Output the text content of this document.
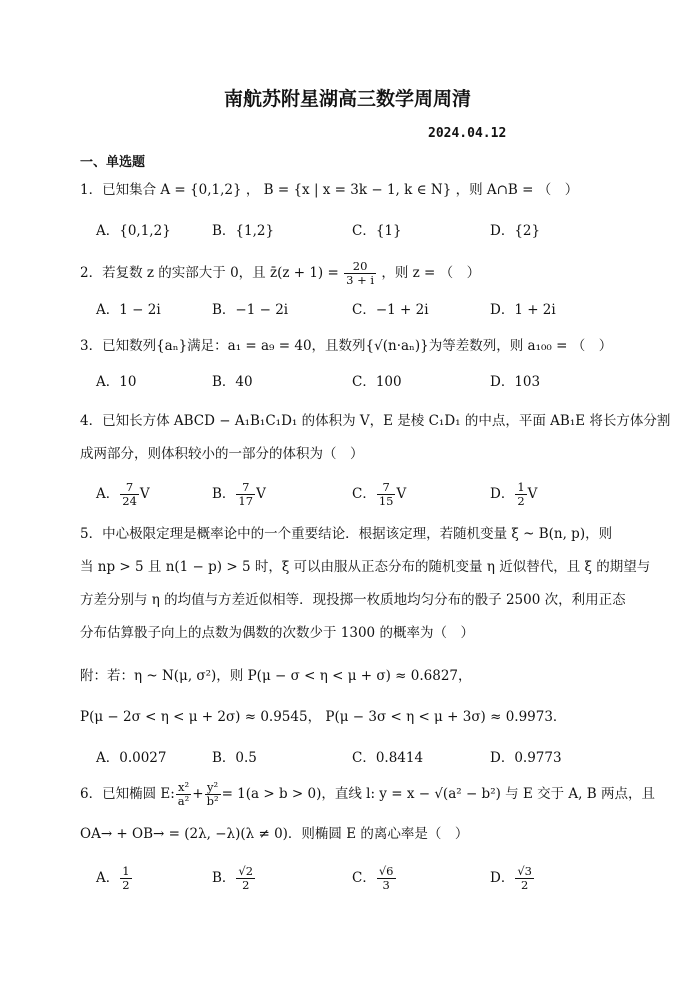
南航苏附星湖高三数学周周清
2024.04.12
一、单选题
1．已知集合 A = {0,1,2} ， B = {x | x = 3k − 1, k ∈ N} ，则 A∩B = （　）
A．{0,1,2}	B．{1,2}	C．{1}	D．{2}
2．若复数 z 的实部大于 0，且 z̄(z + $1) = \frac{20}{3 + i}$ ，则 z = （　）
A．1 − 2i	B．−1 − 2i	C．−1 + 2i	D．1 + 2i
3．已知数列{aₙ}满足：a₁ = a₉ = 40，且数列{√(n·aₙ)}为等差数列，则 a₁₀₀ = （　）
A．10	B．40	C．100	D．103
4．已知长方体 ABCD − A₁B₁C₁D₁ 的体积为 V，E 是棱 C₁D₁ 的中点，平面 AB₁E 将长方体分割
成两部分，则体积较小的一部分的体积为（　）
A． $\frac{7}{24}$ V	B． $\frac{7}{17}$ V	C． $\frac{7}{15}$ V	D． $\frac{1}{2}$ V
5．中心极限定理是概率论中的一个重要结论．根据该定理，若随机变量 ξ ~ B(n, p)，则
当 np > 5 且 n(1 − p) > 5 时，ξ 可以由服从正态分布的随机变量 η 近似替代，且 ξ 的期望与
方差分别与 η 的均值与方差近似相等．现投掷一枚质地均匀分布的骰子 2500 次，利用正态
分布估算骰子向上的点数为偶数的次数少于 1300 的概率为（　）
附：若：η ~ N(μ, σ²)，则 P(μ − σ < η < μ + σ) ≈ 0.6827，
P(μ − 2σ < η < μ + 2σ) ≈ 0.9545， P(μ − 3σ < η < μ + 3σ) ≈ 0.9973．
A．0.0027	B．0.5	C．0.8414	D．0.9773
6．已知椭圆 E: $\frac{\text{x²}}{\text{a²}} + \frac{\text{y²}}{\text{b²}} = 1(a > b > 0)$，直线 l: y = x − √(a² − b²) 与 E 交于 A, B 两点，且
OA→ + OB→ = (2λ, −λ)(λ ≠ 0)．则椭圆 E 的离心率是（　）
A． $\frac{1}{2}$	B． $\frac{√2}{2}$	C． $\frac{√6}{3}$	D． $\frac{√3}{2}$
